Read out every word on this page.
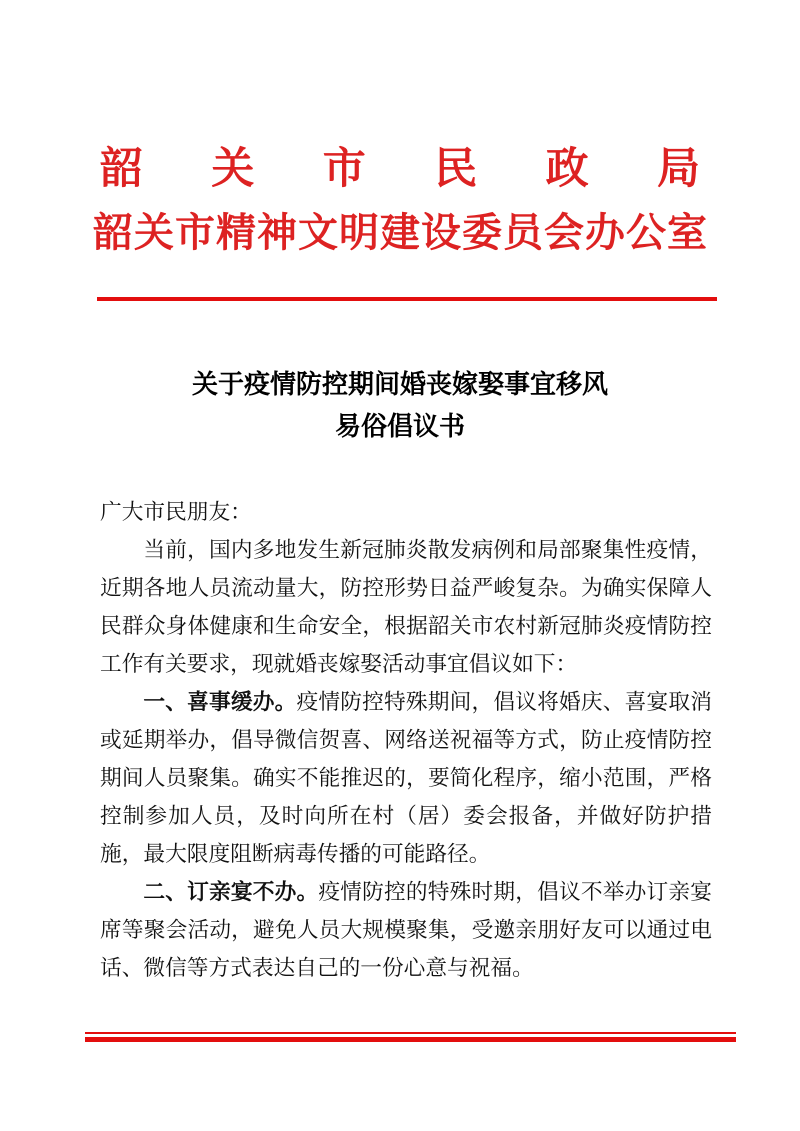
韶关市民政局
韶关市精神文明建设委员会办公室
关于疫情防控期间婚丧嫁娶事宜移风
易俗倡议书

广大市民朋友：

当前，国内多地发生新冠肺炎散发病例和局部聚集性疫情，近期各地人员流动量大，防控形势日益严峻复杂。为确实保障人民群众身体健康和生命安全，根据韶关市农村新冠肺炎疫情防控工作有关要求，现就婚丧嫁娶活动事宜倡议如下：

一、喜事缓办。疫情防控特殊期间，倡议将婚庆、喜宴取消或延期举办，倡导微信贺喜、网络送祝福等方式，防止疫情防控期间人员聚集。确实不能推迟的，要简化程序，缩小范围，严格控制参加人员，及时向所在村（居）委会报备，并做好防护措施，最大限度阻断病毒传播的可能路径。

二、订亲宴不办。疫情防控的特殊时期，倡议不举办订亲宴席等聚会活动，避免人员大规模聚集，受邀亲朋好友可以通过电话、微信等方式表达自己的一份心意与祝福。
